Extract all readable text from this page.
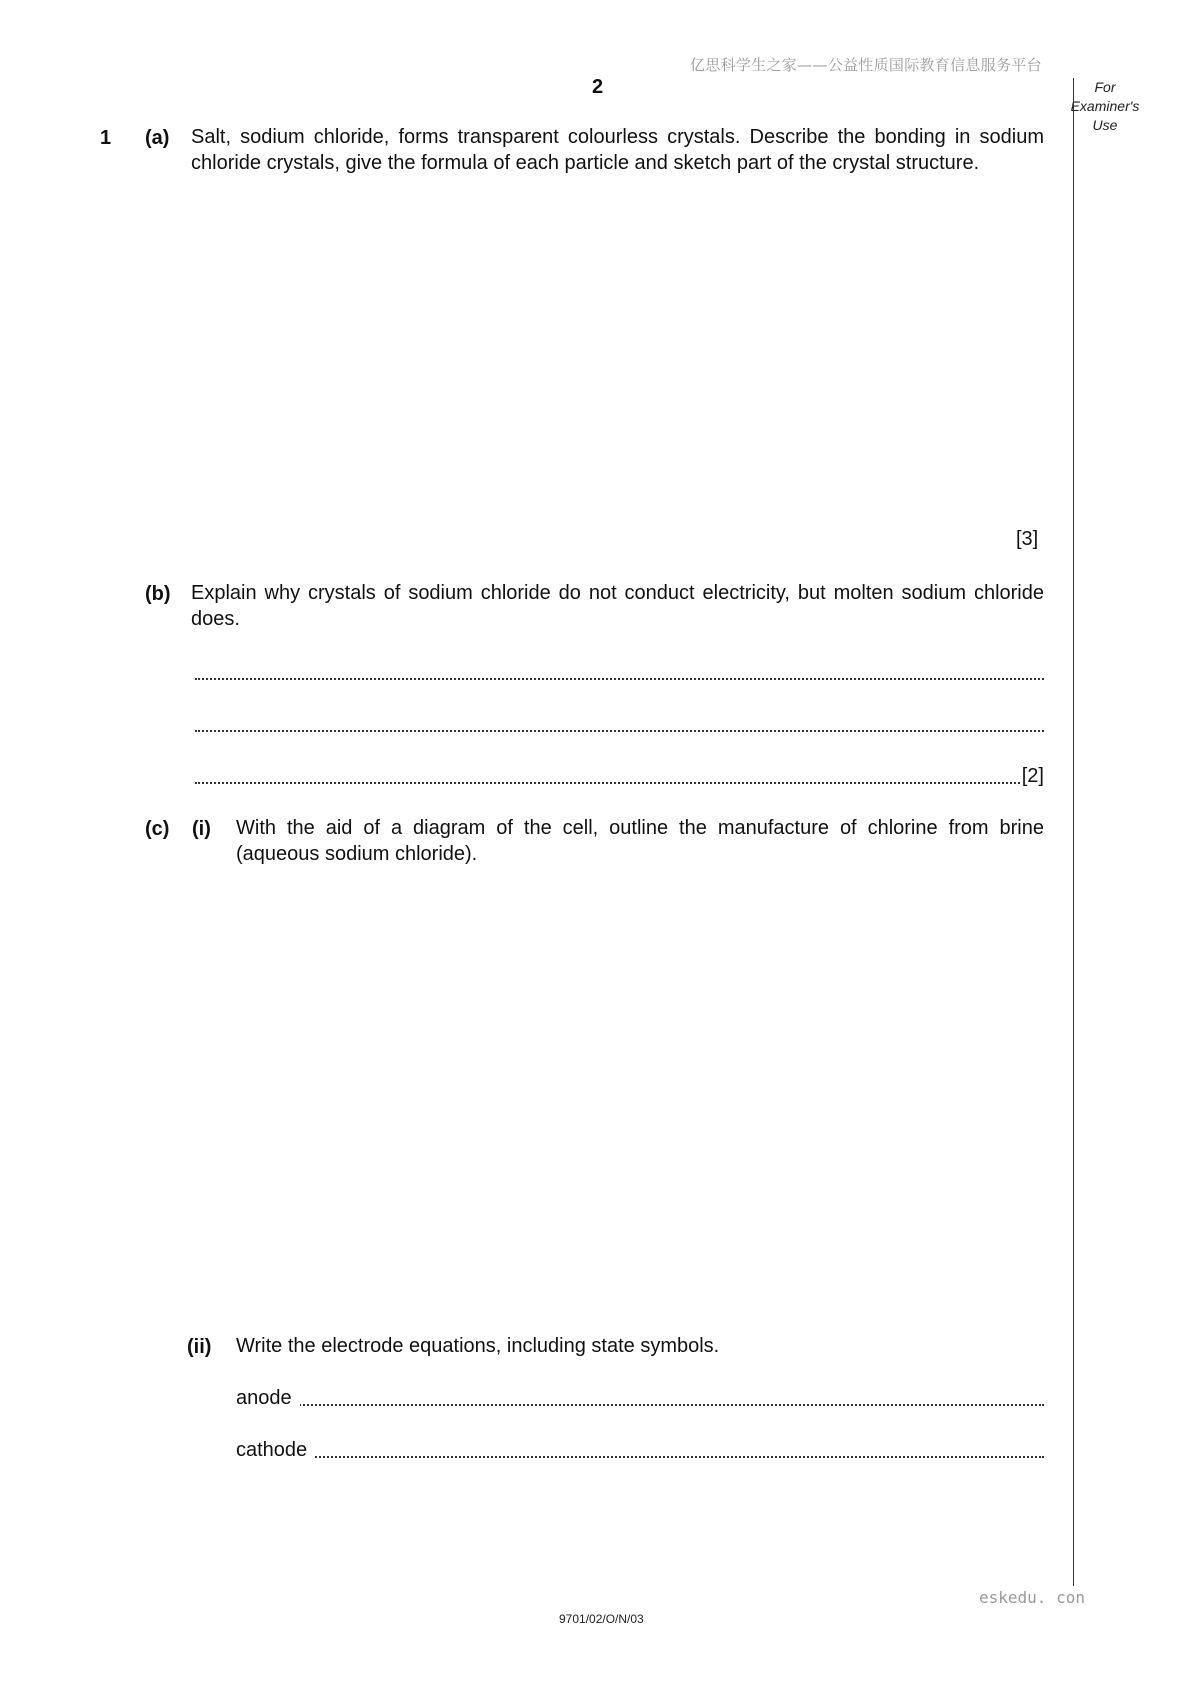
亿思科学生之家——公益性质国际教育信息服务平台
2	For
Examiner's
Use
1 (a) Salt, sodium chloride, forms transparent colourless crystals. Describe the bonding in sodium chloride crystals, give the formula of each particle and sketch part of the crystal structure.
[3]
(b) Explain why crystals of sodium chloride do not conduct electricity, but molten sodium chloride does.
[2]
(c) (i) With the aid of a diagram of the cell, outline the manufacture of chlorine from brine (aqueous sodium chloride).
(ii) Write the electrode equations, including state symbols.
anode
cathode
eskedu. con
9701/02/O/N/03
